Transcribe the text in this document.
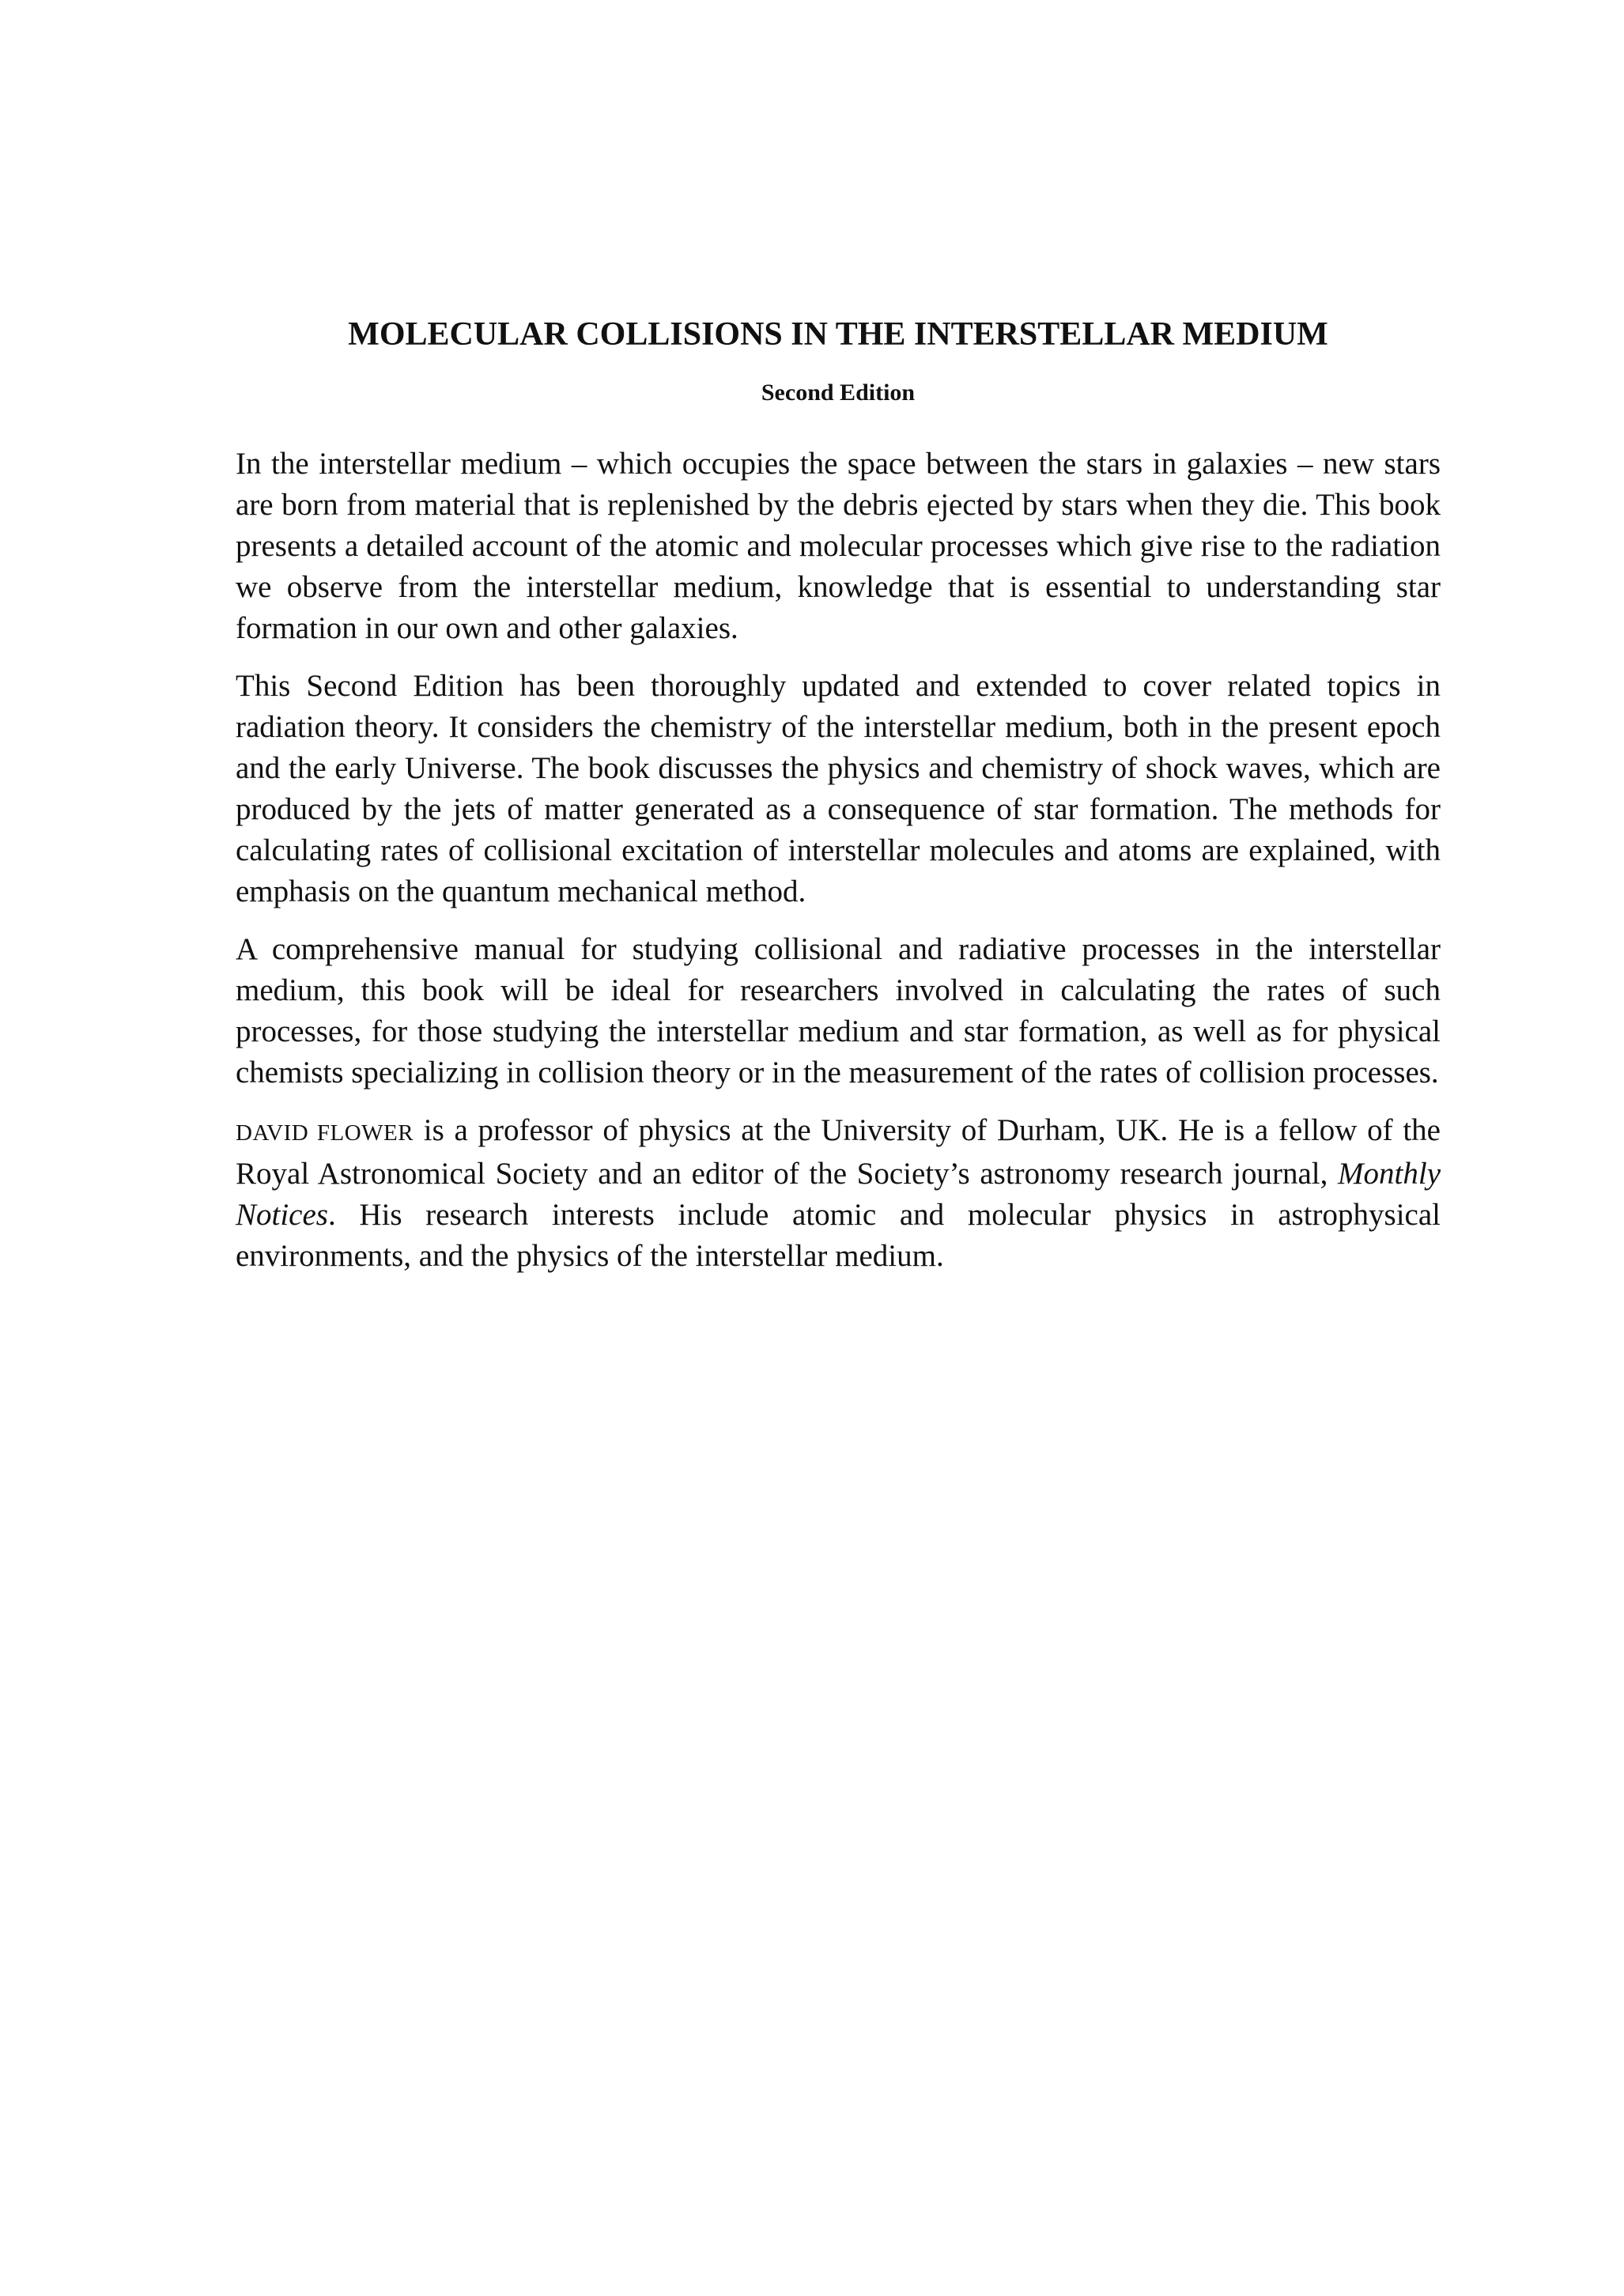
MOLECULAR COLLISIONS IN THE INTERSTELLAR MEDIUM
Second Edition

In the interstellar medium – which occupies the space between the stars in galaxies – new stars are born from material that is replenished by the debris ejected by stars when they die. This book presents a detailed account of the atomic and molecular processes which give rise to the radiation we observe from the interstellar medium, knowledge that is essential to understanding star formation in our own and other galaxies.

This Second Edition has been thoroughly updated and extended to cover related topics in radiation theory. It considers the chemistry of the interstellar medium, both in the present epoch and the early Universe. The book discusses the physics and chemistry of shock waves, which are produced by the jets of matter generated as a consequence of star formation. The methods for calculating rates of collisional excitation of interstellar molecules and atoms are explained, with emphasis on the quantum mechanical method.

A comprehensive manual for studying collisional and radiative processes in the interstellar medium, this book will be ideal for researchers involved in calculating the rates of such processes, for those studying the interstellar medium and star formation, as well as for physical chemists specializing in collision theory or in the measurement of the rates of collision processes.

DAVID FLOWER is a professor of physics at the University of Durham, UK. He is a fellow of the Royal Astronomical Society and an editor of the Society’s astronomy research journal, Monthly Notices. His research interests include atomic and molecular physics in astrophysical environments, and the physics of the interstellar medium.
